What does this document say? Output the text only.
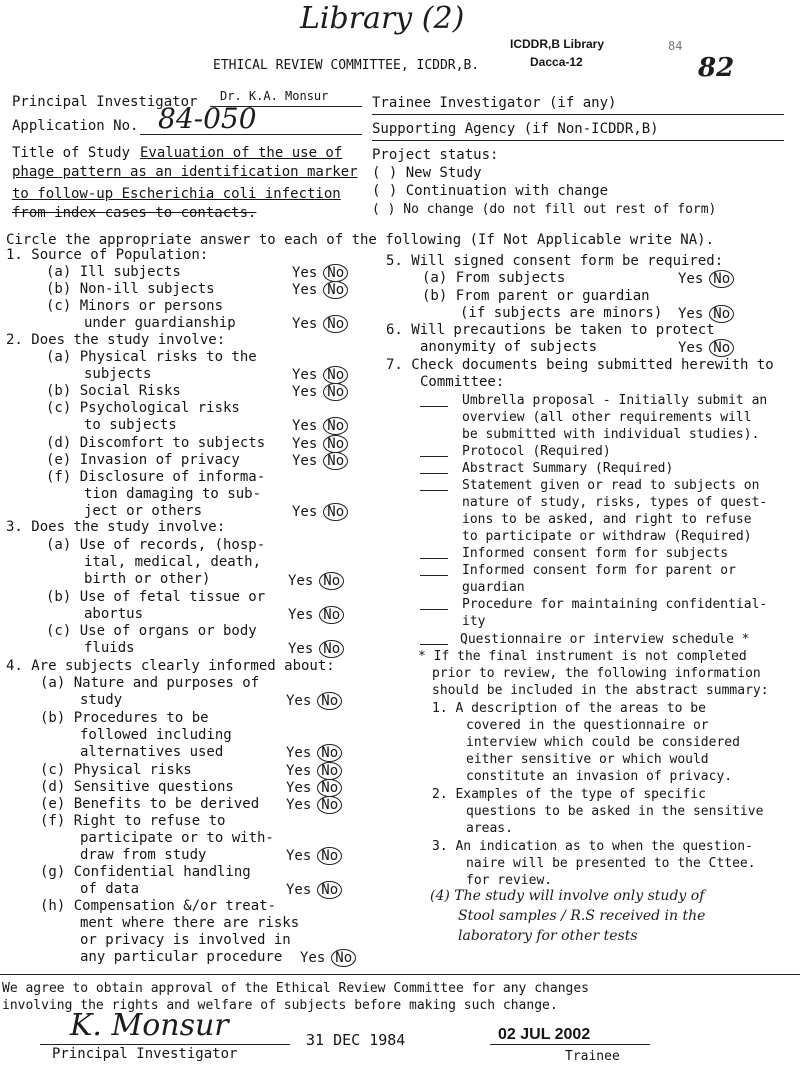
Library (2)
ICDDR,B Library	84
Dacca-12	82
ETHICAL REVIEW COMMITTEE, ICDDR,B.
Principal Investigator Dr. K.A. Monsur
Application No. 84-050
Title of Study Evaluation of the use of
phage pattern as an identification marker
to follow-up Escherichia coli infection
from index cases to contacts.
Trainee Investigator (if any)
Supporting Agency (if Non-ICDDR,B)
Project status:
( ) New Study
( ) Continuation with change
( ) No change (do not fill out rest of form)
Circle the appropriate answer to each of the following (If Not Applicable write NA).
1. Source of Population:
(a) Ill subjects	Yes No
(b) Non-ill subjects	Yes No
(c) Minors or persons
under guardianship	Yes No
2. Does the study involve:
(a) Physical risks to the
subjects	Yes No
(b) Social Risks	Yes No
(c) Psychological risks
to subjects	Yes No
(d) Discomfort to subjects Yes No
(e) Invasion of privacy	Yes No
(f) Disclosure of informa-
tion damaging to sub-
ject or others	Yes No
3. Does the study involve:
(a) Use of records, (hosp-
ital, medical, death,
birth or other)	Yes No
(b) Use of fetal tissue or
abortus	Yes No
(c) Use of organs or body
fluids	Yes No
4. Are subjects clearly informed about:
(a) Nature and purposes of
study	Yes No
(b) Procedures to be
followed including
alternatives used	Yes No
(c) Physical risks	Yes No
(d) Sensitive questions	Yes No
(e) Benefits to be derived Yes No
(f) Right to refuse to
participate or to with-
draw from study	Yes No
(g) Confidential handling
of data	Yes No
(h) Compensation &/or treat-
ment where there are risks
or privacy is involved in
any particular procedure Yes No
5. Will signed consent form be required:
(a) From subjects	Yes No
(b) From parent or guardian
(if subjects are minors) Yes No
6. Will precautions be taken to protect
anonymity of subjects	Yes No
7. Check documents being submitted herewith to
Committee:
Umbrella proposal - Initially submit an
overview (all other requirements will
be submitted with individual studies).
Protocol (Required)
Abstract Summary (Required)
Statement given or read to subjects on
nature of study, risks, types of quest-
ions to be asked, and right to refuse
to participate or withdraw (Required)
Informed consent form for subjects
Informed consent form for parent or
guardian
Procedure for maintaining confidential-
ity
Questionnaire or interview schedule *
* If the final instrument is not completed
prior to review, the following information
should be included in the abstract summary:
1. A description of the areas to be
covered in the questionnaire or
interview which could be considered
either sensitive or which would
constitute an invasion of privacy.
2. Examples of the type of specific
questions to be asked in the sensitive
areas.
3. An indication as to when the question-
naire will be presented to the Cttee.
for review.
(4) The study will involve only study of
Stool samples / R.S received in the
laboratory for other tests
We agree to obtain approval of the Ethical Review Committee for any changes
involving the rights and welfare of subjects before making such change.
K. Monsur	31 DEC 1984	02 JUL 2002
Principal Investigator	Trainee
